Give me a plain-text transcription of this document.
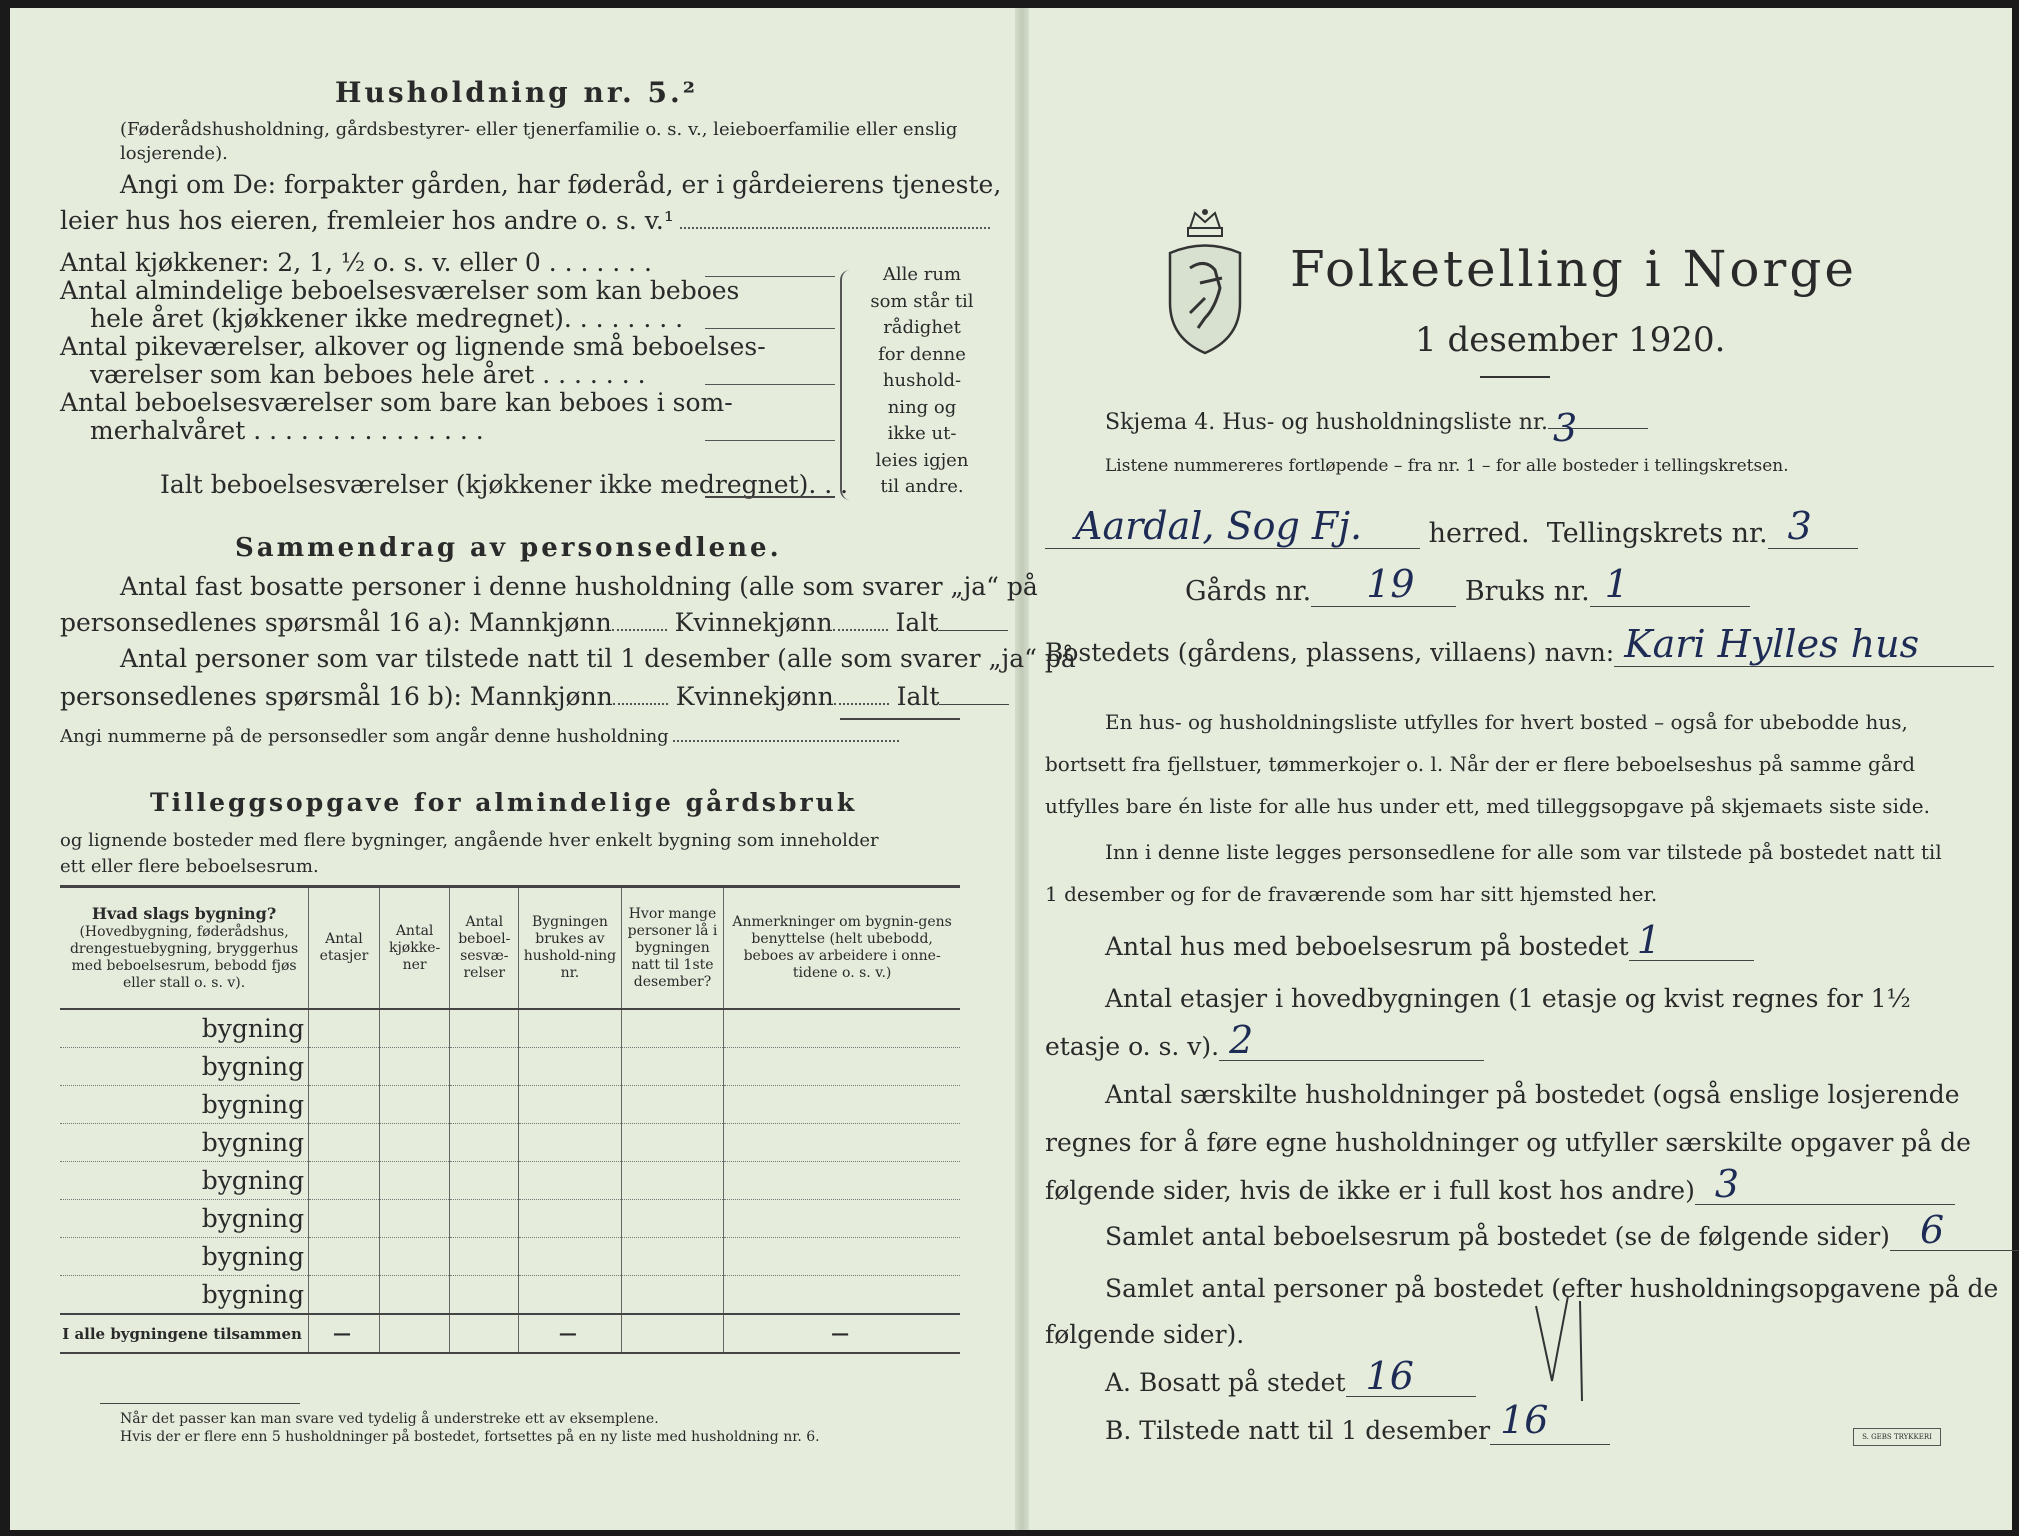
Husholdning nr. 5.²
(Føderådshusholdning, gårdsbestyrer- eller tjenerfamilie o. s. v., leieboerfamilie eller enslig losjerende).
Angi om De: forpakter gården, har føderåd, er i gårdeierens tjeneste,
leier hus hos eieren, fremleier hos andre o. s. v.¹
Antal kjøkkener: 2, 1, ½ o. s. v. eller 0 . . . . . . .
Antal almindelige beboelsesværelser som kan beboes
hele året (kjøkkener ikke medregnet). . . . . . . .
Antal pikeværelser, alkover og lignende små beboelses-
værelser som kan beboes hele året . . . . . . .
Antal beboelsesværelser som bare kan beboes i som-
merhalvåret . . . . . . . . . . . . . . .
Ialt beboelsesværelser (kjøkkener ikke medregnet). . .
Alle rum
som står til
rådighet
for denne
hushold-
ning og
ikke ut-
leies igjen
til andre.
Sammendrag av personsedlene.
Antal fast bosatte personer i denne husholdning (alle som svarer „ja“ på
personsedlenes spørsmål 16 a): Mannkjønn	Kvinnekjønn	Ialt
Antal personer som var tilstede natt til 1 desember (alle som svarer „ja“ på
personsedlenes spørsmål 16 b): Mannkjønn	Kvinnekjønn	Ialt
Angi nummerne på de personsedler som angår denne husholdning
Tilleggsopgave for almindelige gårdsbruk
og lignende bosteder med flere bygninger, angående hver enkelt bygning som inneholder
ett eller flere beboelsesrum.
Hvad slags bygning?
(Hovedbygning, føderådshus, drengestuebygning, bryggerhus med beboelsesrum, bebodd fjøs eller stall o. s. v).	Antal etasjer	Antal kjøkke-ner	Antal beboel-sesvæ-relser	Bygningen brukes av hushold-ning nr.	Hvor mange personer lå i bygningen natt til 1ste desember?	Anmerkninger om bygnin-gens benyttelse (helt ubebodd, beboes av arbeidere i onne-tidene o. s. v.)
bygning						
bygning						
bygning						
bygning						
bygning						
bygning						
bygning						
bygning						
I alle bygningene tilsammen	—			—		—
Når det passer kan man svare ved tydelig å understreke ett av eksemplene.
Hvis der er flere enn 5 husholdninger på bostedet, fortsettes på en ny liste med husholdning nr. 6.
Folketelling i Norge
1 desember 1920.
Skjema 4. Hus- og husholdningsliste nr. 3
Listene nummereres fortløpende – fra nr. 1 – for alle bosteder i tellingskretsen.
Aardal, Sog Fj. herred. Tellingskrets nr. 3
Gårds nr. 19 Bruks nr. 1
Bostedets (gårdens, plassens, villaens) navn: Kari Hylles hus
En hus- og husholdningsliste utfylles for hvert bosted – også for ubebodde hus,
bortsett fra fjellstuer, tømmerkojer o. l. Når der er flere beboelseshus på samme gård
utfylles bare én liste for alle hus under ett, med tilleggsopgave på skjemaets siste side.
Inn i denne liste legges personsedlene for alle som var tilstede på bostedet natt til
1 desember og for de fraværende som har sitt hjemsted her.
Antal hus med beboelsesrum på bostedet 1
Antal etasjer i hovedbygningen (1 etasje og kvist regnes for 1½
etasje o. s. v). 2
Antal særskilte husholdninger på bostedet (også enslige losjerende
regnes for å føre egne husholdninger og utfyller særskilte opgaver på de
følgende sider, hvis de ikke er i full kost hos andre) 3
Samlet antal beboelsesrum på bostedet (se de følgende sider) 6
Samlet antal personer på bostedet (efter husholdningsopgavene på de
følgende sider).
A. Bosatt på stedet 16
B. Tilstede natt til 1 desember 16	S. GEBS TRYKKERI
